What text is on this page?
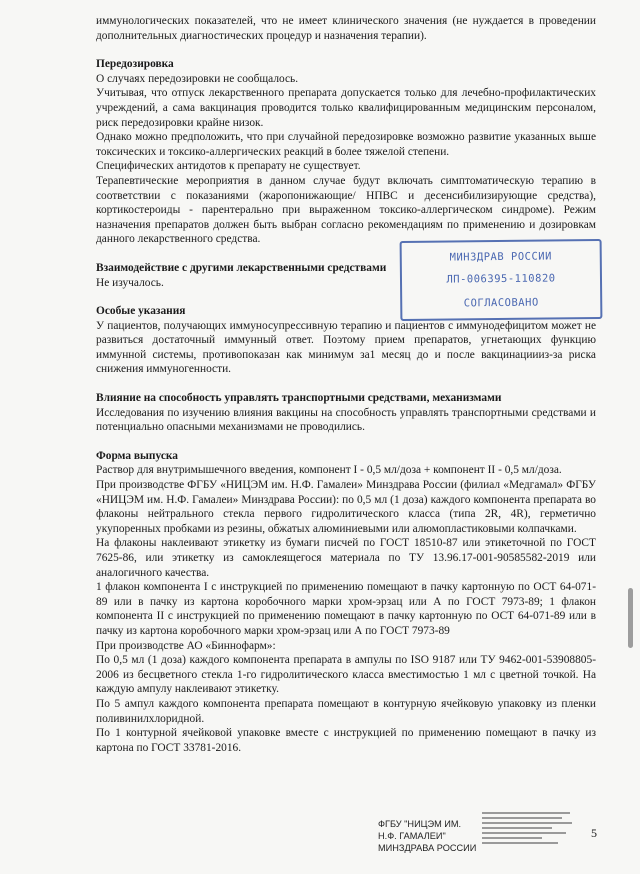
иммунологических показателей, что не имеет клинического значения (не нуждается в проведении дополнительных диагностических процедур и назначения терапии).

Передозировка

О случаях передозировки не сообщалось.

Учитывая, что отпуск лекарственного препарата допускается только для лечебно-профилактических учреждений, а сама вакцинация проводится только квалифицированным медицинским персоналом, риск передозировки крайне низок.

Однако можно предположить, что при случайной передозировке возможно развитие указанных выше токсических и токсико-аллергических реакций в более тяжелой степени.

Специфических антидотов к препарату не существует.

Терапевтические мероприятия в данном случае будут включать симптоматическую терапию в соответствии с показаниями (жаропонижающие/ НПВС и десенсибилизирующие средства), кортикостероиды - парентерально при выраженном токсико-аллергическом синдроме). Режим назначения препаратов должен быть выбран согласно рекомендациям по применению и дозировкам данного лекарственного средства.

Взаимодействие с другими лекарственными средствами

Не изучалось.

Особые указания

У пациентов, получающих иммуносупрессивную терапию и пациентов с иммунодефицитом может не развиться достаточный иммунный ответ. Поэтому прием препаратов, угнетающих функцию иммунной системы, противопоказан как минимум за1 месяц до и после вакцинациииз-за риска снижения иммуногенности.

Влияние на способность управлять транспортными средствами, механизмами

Исследования по изучению влияния вакцины на способность управлять транспортными средствами и потенциально опасными механизмами не проводились.

Форма выпуска

Раствор для внутримышечного введения, компонент I - 0,5 мл/доза + компонент II - 0,5 мл/доза.

При производстве ФГБУ «НИЦЭМ им. Н.Ф. Гамалеи» Минздрава России (филиал «Медгамал» ФГБУ «НИЦЭМ им. Н.Ф. Гамалеи» Минздрава России): по 0,5 мл (1 доза) каждого компонента препарата во флаконы нейтрального стекла первого гидролитического класса (типа 2R, 4R), герметично укупоренных пробками из резины, обжатых алюминиевыми или алюмопластиковыми колпачками.

На флаконы наклеивают этикетку из бумаги писчей по ГОСТ 18510-87 или этикеточной по ГОСТ 7625-86, или этикетку из самоклеящегося материала по ТУ 13.96.17-001-90585582-2019 или аналогичного качества.

1 флакон компонента I с инструкцией по применению помещают в пачку картонную по ОСТ 64-071-89 или в пачку из картона коробочного марки хром-эрзац или А по ГОСТ 7973-89; 1 флакон компонента II с инструкцией по применению помещают в пачку картонную по ОСТ 64-071-89 или в пачку из картона коробочного марки хром-эрзац или А по ГОСТ 7973-89

При производстве АО «Биннофарм»:

По 0,5 мл (1 доза) каждого компонента препарата в ампулы по ISO 9187 или ТУ 9462-001-53908805-2006 из бесцветного стекла 1-го гидролитического класса вместимостью 1 мл с цветной точкой. На каждую ампулу наклеивают этикетку.

По 5 ампул каждого компонента препарата помещают в контурную ячейковую упаковку из пленки поливинилхлоридной.

По 1 контурной ячейковой упаковке вместе с инструкцией по применению помещают в пачку из картона по ГОСТ 33781-2016.

МИНЗДРАВ РОССИИ
ЛП-006395-110820
СОГЛАСОВАНО
ФГБУ "НИЦЭМ ИМ.
Н.Ф. ГАМАЛЕИ"
МИНЗДРАВА РОССИИ
5
